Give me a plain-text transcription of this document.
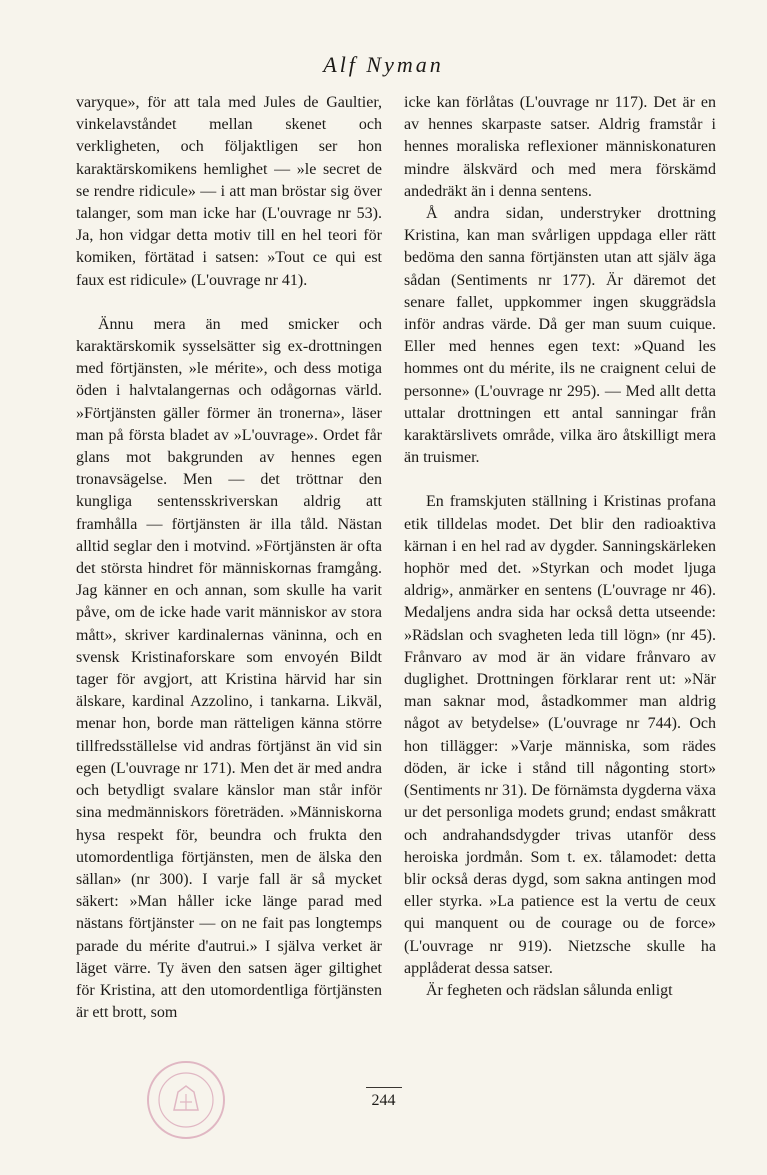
Alf Nyman

varyque», för att tala med Jules de Gaultier, vinkelavståndet mellan skenet och verkligheten, och följaktligen ser hon karaktärskomikens hemlighet — »le secret de se rendre ridicule» — i att man bröstar sig över talanger, som man icke har (L'ouvrage nr 53). Ja, hon vidgar detta motiv till en hel teori för komiken, förtätad i satsen: »Tout ce qui est faux est ridicule» (L'ouvrage nr 41).

Ännu mera än med smicker och karaktärskomik sysselsätter sig ex-drottningen med förtjänsten, »le mérite», och dess motiga öden i halvtalangernas och odågornas värld. »Förtjänsten gäller förmer än tronerna», läser man på första bladet av »L'ouvrage». Ordet får glans mot bakgrunden av hennes egen tronavsägelse. Men — det tröttnar den kungliga sentensskriverskan aldrig att framhålla — förtjänsten är illa tåld. Nästan alltid seglar den i motvind. »Förtjänsten är ofta det största hindret för människornas framgång. Jag känner en och annan, som skulle ha varit påve, om de icke hade varit människor av stora mått», skriver kardinalernas väninna, och en svensk Kristinaforskare som envoyén Bildt tager för avgjort, att Kristina härvid har sin älskare, kardinal Azzolino, i tankarna. Likväl, menar hon, borde man rätteligen känna större tillfredsställelse vid andras förtjänst än vid sin egen (L'ouvrage nr 171). Men det är med andra och betydligt svalare känslor man står inför sina medmänniskors företräden. »Människorna hysa respekt för, beundra och frukta den utomordentliga förtjänsten, men de älska den sällan» (nr 300). I varje fall är så mycket säkert: »Man håller icke länge parad med nästans förtjänster — on ne fait pas longtemps parade du mérite d'autrui.» I själva verket är läget värre. Ty även den satsen äger giltighet för Kristina, att den utomordentliga förtjänsten är ett brott, som

icke kan förlåtas (L'ouvrage nr 117). Det är en av hennes skarpaste satser. Aldrig framstår i hennes moraliska reflexioner människonaturen mindre älskvärd och med mera förskämd andedräkt än i denna sentens.

Å andra sidan, understryker drottning Kristina, kan man svårligen uppdaga eller rätt bedöma den sanna förtjänsten utan att själv äga sådan (Sentiments nr 177). Är däremot det senare fallet, uppkommer ingen skuggrädsla inför andras värde. Då ger man suum cuique. Eller med hennes egen text: »Quand les hommes ont du mérite, ils ne craignent celui de personne» (L'ouvrage nr 295). — Med allt detta uttalar drottningen ett antal sanningar från karaktärslivets område, vilka äro åtskilligt mera än truismer.

En framskjuten ställning i Kristinas profana etik tilldelas modet. Det blir den radioaktiva kärnan i en hel rad av dygder. Sanningskärleken hophör med det. »Styrkan och modet ljuga aldrig», anmärker en sentens (L'ouvrage nr 46). Medaljens andra sida har också detta utseende: »Rädslan och svagheten leda till lögn» (nr 45). Frånvaro av mod är än vidare frånvaro av duglighet. Drottningen förklarar rent ut: »När man saknar mod, åstadkommer man aldrig något av betydelse» (L'ouvrage nr 744). Och hon tillägger: »Varje människa, som rädes döden, är icke i stånd till någonting stort» (Sentiments nr 31). De förnämsta dygderna växa ur det personliga modets grund; endast småkratt och andrahandsdygder trivas utanför dess heroiska jordmån. Som t. ex. tålamodet: detta blir också deras dygd, som sakna antingen mod eller styrka. »La patience est la vertu de ceux qui manquent ou de courage ou de force» (L'ouvrage nr 919). Nietzsche skulle ha applåderat dessa satser.

Är fegheten och rädslan sålunda enligt

244
